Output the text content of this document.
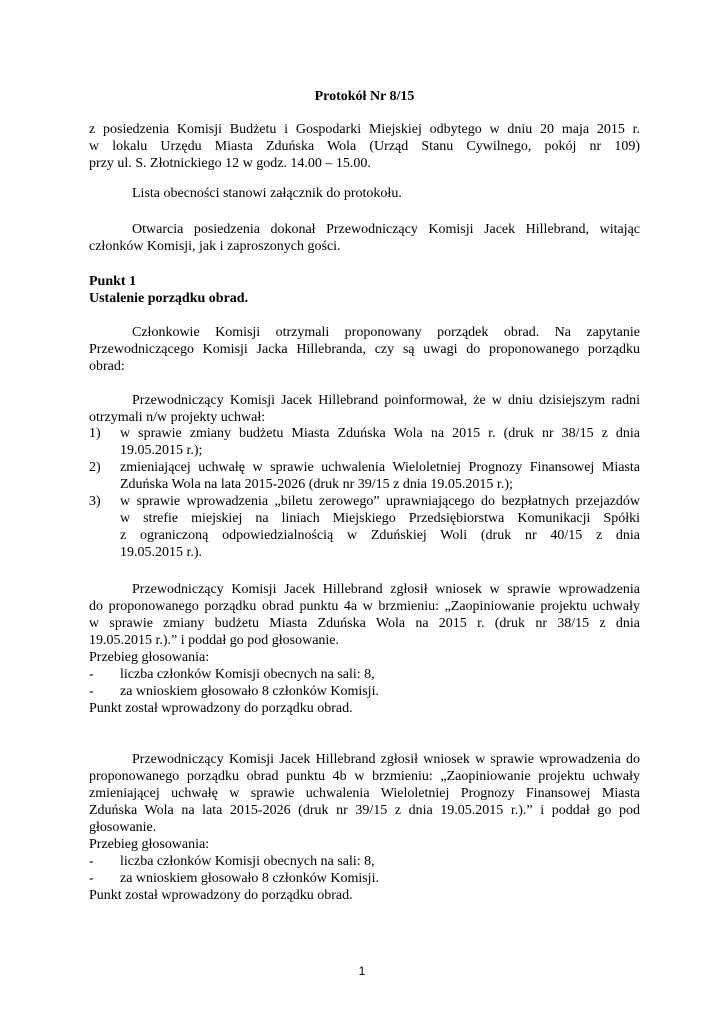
Protokół Nr 8/15
z posiedzenia Komisji Budżetu i Gospodarki Miejskiej odbytego w dniu 20 maja 2015 r.
w lokalu Urzędu Miasta Zduńska Wola (Urząd Stanu Cywilnego, pokój nr 109)
przy ul. S. Złotnickiego 12 w godz. 14.00 – 15.00.
Lista obecności stanowi załącznik do protokołu.
Otwarcia posiedzenia dokonał Przewodniczący Komisji Jacek Hillebrand, witając
członków Komisji, jak i zaproszonych gości.
Punkt 1
Ustalenie porządku obrad.
Członkowie Komisji otrzymali proponowany porządek obrad. Na zapytanie
Przewodniczącego Komisji Jacka Hillebranda, czy są uwagi do proponowanego porządku
obrad:
Przewodniczący Komisji Jacek Hillebrand poinformował, że w dniu dzisiejszym radni
otrzymali n/w projekty uchwał:
1) w sprawie zmiany budżetu Miasta Zduńska Wola na 2015 r. (druk nr 38/15 z dnia
19.05.2015 r.);
2) zmieniającej uchwałę w sprawie uchwalenia Wieloletniej Prognozy Finansowej Miasta
Zduńska Wola na lata 2015-2026 (druk nr 39/15 z dnia 19.05.2015 r.);
3) w sprawie wprowadzenia „biletu zerowego” uprawniającego do bezpłatnych przejazdów
w strefie miejskiej na liniach Miejskiego Przedsiębiorstwa Komunikacji Spółki
z ograniczoną odpowiedzialnością w Zduńskiej Woli (druk nr 40/15 z dnia
19.05.2015 r.).
Przewodniczący Komisji Jacek Hillebrand zgłosił wniosek w sprawie wprowadzenia
do proponowanego porządku obrad punktu 4a w brzmieniu: „Zaopiniowanie projektu uchwały
w sprawie zmiany budżetu Miasta Zduńska Wola na 2015 r. (druk nr 38/15 z dnia
19.05.2015 r.).” i poddał go pod głosowanie.
Przebieg głosowania:
- liczba członków Komisji obecnych na sali: 8,
- za wnioskiem głosowało 8 członków Komisji.
Punkt został wprowadzony do porządku obrad.
Przewodniczący Komisji Jacek Hillebrand zgłosił wniosek w sprawie wprowadzenia do
proponowanego porządku obrad punktu 4b w brzmieniu: „Zaopiniowanie projektu uchwały
zmieniającej uchwałę w sprawie uchwalenia Wieloletniej Prognozy Finansowej Miasta
Zduńska Wola na lata 2015-2026 (druk nr 39/15 z dnia 19.05.2015 r.).” i poddał go pod
głosowanie.
Przebieg głosowania:
- liczba członków Komisji obecnych na sali: 8,
- za wnioskiem głosowało 8 członków Komisji.
Punkt został wprowadzony do porządku obrad.
1
